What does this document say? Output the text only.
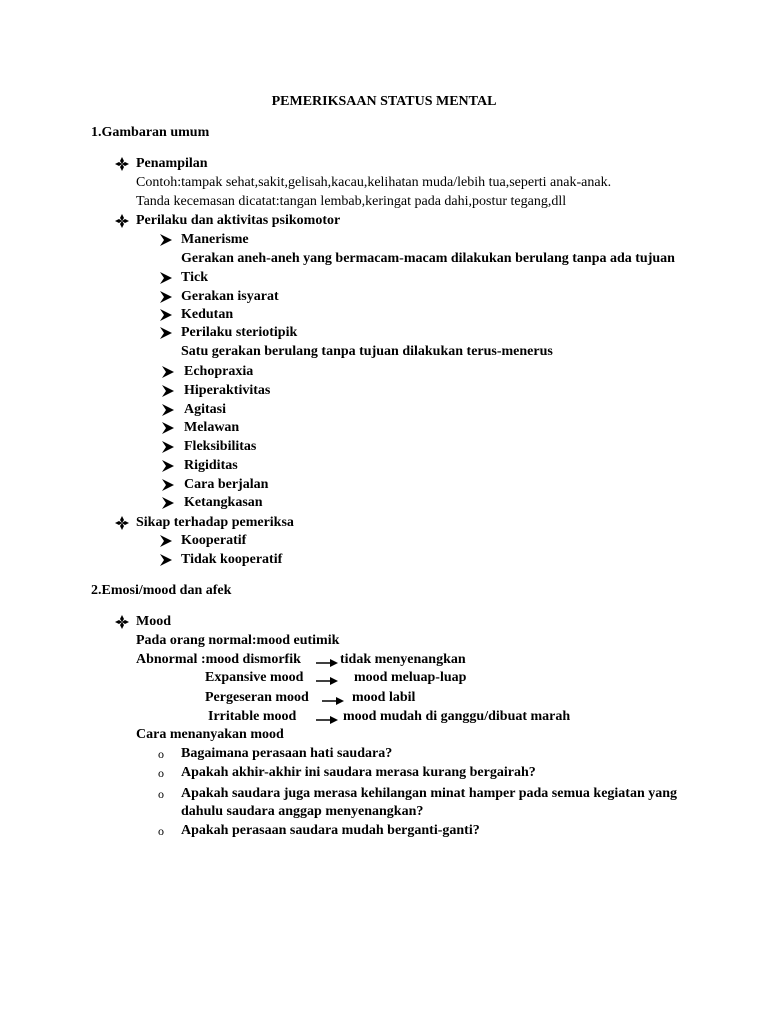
PEMERIKSAAN STATUS MENTAL
1.Gambaran umum
Penampilan
Contoh:tampak sehat,sakit,gelisah,kacau,kelihatan muda/lebih tua,seperti anak-anak.
Tanda kecemasan dicatat:tangan lembab,keringat pada dahi,postur tegang,dll
Perilaku dan aktivitas psikomotor
Manerisme
Gerakan aneh-aneh yang bermacam-macam dilakukan berulang tanpa ada tujuan
Tick
Gerakan isyarat
Kedutan
Perilaku steriotipik
Satu gerakan berulang tanpa tujuan dilakukan terus-menerus
Echopraxia
Hiperaktivitas
Agitasi
Melawan
Fleksibilitas
Rigiditas
Cara berjalan
Ketangkasan
Sikap terhadap pemeriksa
Kooperatif
Tidak kooperatif
2.Emosi/mood dan afek
Mood
Pada orang normal:mood eutimik
Abnormal :mood dismorfik	tidak menyenangkan
Expansive mood	mood meluap-luap
Pergeseran mood	mood labil
Irritable mood	mood mudah di ganggu/dibuat marah
Cara menanyakan mood
o Bagaimana perasaan hati saudara?
o Apakah akhir-akhir ini saudara merasa kurang bergairah?
o Apakah saudara juga merasa kehilangan minat hamper pada semua kegiatan yang
dahulu saudara anggap menyenangkan?
o Apakah perasaan saudara mudah berganti-ganti?
